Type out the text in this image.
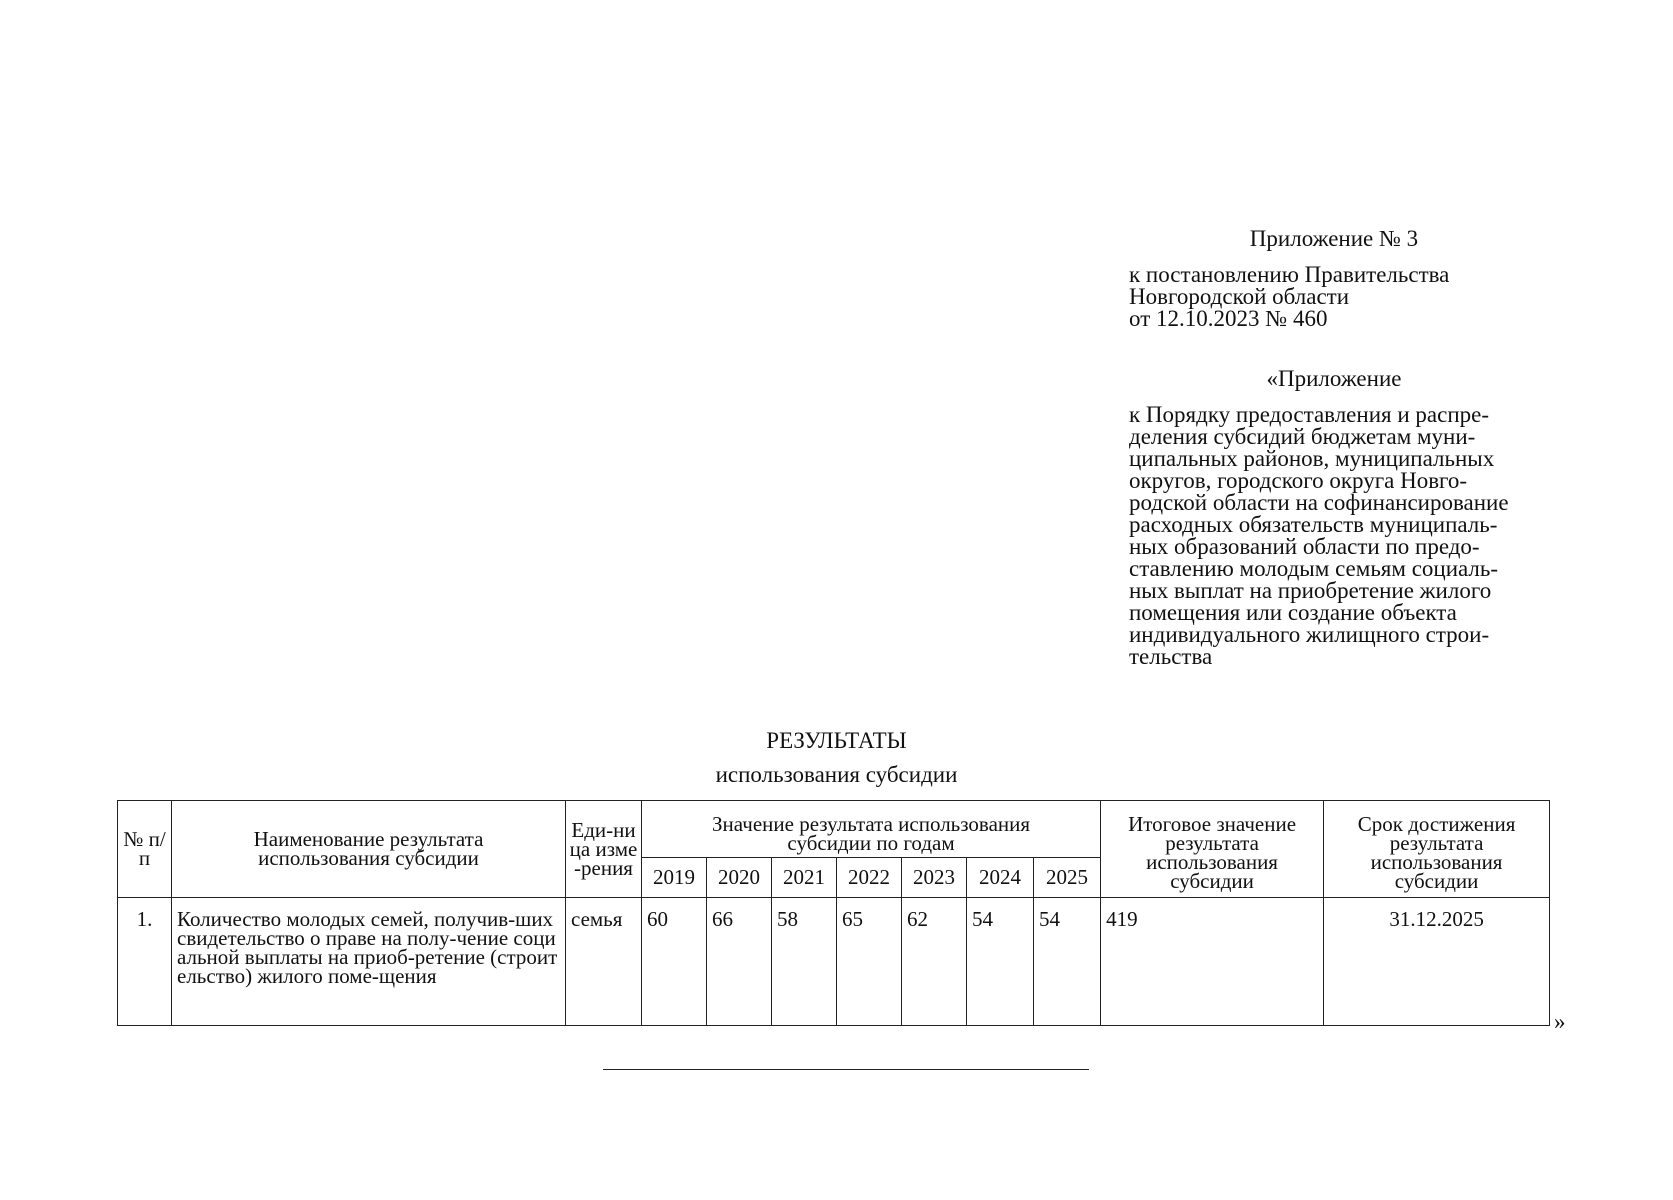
Приложение № 3
к постановлению Правительства
Новгородской области
от 12.10.2023 № 460
«Приложение
к Порядку предоставления и распре-
деления субсидий бюджетам муни-
ципальных районов, муниципальных
округов, городского округа Новго-
родской области на софинансирование
расходных обязательств муниципаль-
ных образований области по предо-
ставлению молодым семьям социаль-
ных выплат на приобретение жилого
помещения или создание объекта
индивидуального жилищного строи-
тельства
РЕЗУЛЬТАТЫ
использования субсидии
№ п/п	Наименование результата использования субсидии	Еди-ница изме-рения	Значение результата использования субсидии по годам							Итоговое значение результата использования субсидии	Срок достижения результата использования субсидии
			2019	2020	2021	2022	2023	2024	2025		
1.	Количество молодых семей, получив-ших свидетельство о праве на полу-чение социальной выплаты на приоб-ретение (строительство) жилого поме-щения	семья	60	66	58	65	62	54	54	419	31.12.2025
»
